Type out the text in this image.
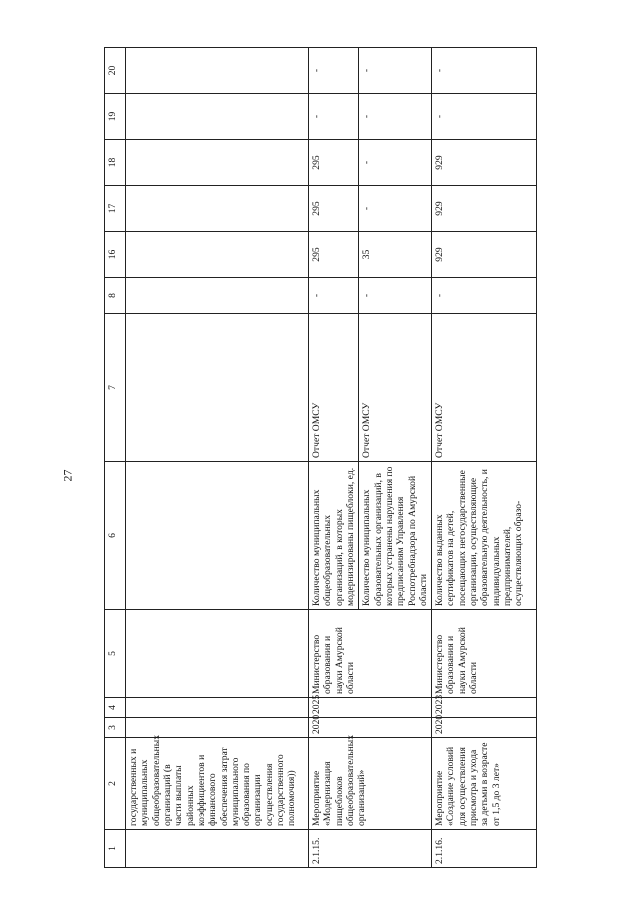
27
1	2	3	4	5	6	7	8	16	17	18	19	20
	государственных и муниципальных общеобразовательных организаций (в части выплаты районных коэффициентов и финансового обеспечения затрат муниципального образования по организации осуществления государственного полномочия))											
2.1.15.	Мероприятие «Модернизация пищеблоков общеобразовательных организаций»	2020	2025	Министерство образования и науки Амурской области	Количество муниципальных общеобразовательных организаций, в которых модернизированы пищеблоки, ед.	Отчет ОМСУ	-	295	295	295	-	-
					Количество муниципальных образовательных организаций, в которых устранены нарушения по предписаниям Управления Роспотребнадзора по Амурской области	Отчет ОМСУ	-	35	-	-	-	-
2.1.16.	Мероприятие «Создание условий для осуществления присмотра и ухода за детьми в возрасте от 1,5 до 3 лет»	2020	2023	Министерство образования и науки Амурской области	Количество выданных сертификатов на детей, посещающих негосударственные организации, осуществляющие образовательную деятельность, и индивидуальных предпринимателей, осуществляющих образо-	Отчет ОМСУ	-	929	929	929	-	-
